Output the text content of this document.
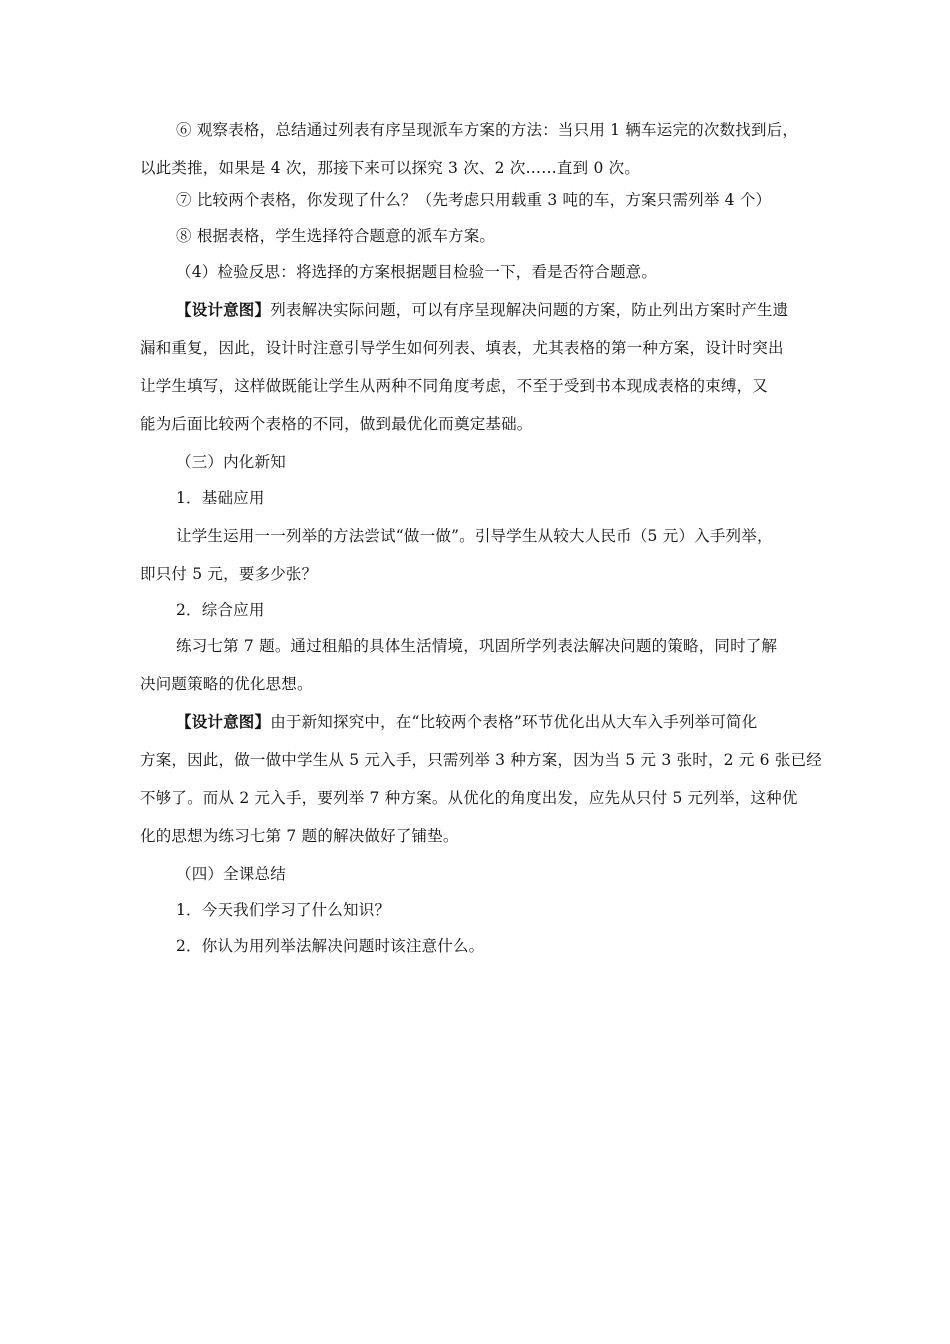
⑥ 观察表格，总结通过列表有序呈现派车方案的方法：当只用 1 辆车运完的次数找到后，
以此类推，如果是 4 次，那接下来可以探究 3 次、2 次……直到 0 次。
⑦ 比较两个表格，你发现了什么？（先考虑只用载重 3 吨的车，方案只需列举 4 个）
⑧ 根据表格，学生选择符合题意的派车方案。
（4）检验反思：将选择的方案根据题目检验一下，看是否符合题意。
【设计意图】列表解决实际问题，可以有序呈现解决问题的方案，防止列出方案时产生遗
漏和重复，因此，设计时注意引导学生如何列表、填表，尤其表格的第一种方案，设计时突出
让学生填写，这样做既能让学生从两种不同角度考虑，不至于受到书本现成表格的束缚，又
能为后面比较两个表格的不同，做到最优化而奠定基础。
（三）内化新知
1．基础应用
让学生运用一一列举的方法尝试“做一做”。引导学生从较大人民币（5 元）入手列举，
即只付 5 元，要多少张？
2．综合应用
练习七第 7 题。通过租船的具体生活情境，巩固所学列表法解决问题的策略，同时了解
决问题策略的优化思想。
【设计意图】由于新知探究中，在“比较两个表格”环节优化出从大车入手列举可简化
方案，因此，做一做中学生从 5 元入手，只需列举 3 种方案，因为当 5 元 3 张时，2 元 6 张已经
不够了。而从 2 元入手，要列举 7 种方案。从优化的角度出发，应先从只付 5 元列举，这种优
化的思想为练习七第 7 题的解决做好了铺垫。
（四）全课总结
1．今天我们学习了什么知识？
2．你认为用列举法解决问题时该注意什么。
